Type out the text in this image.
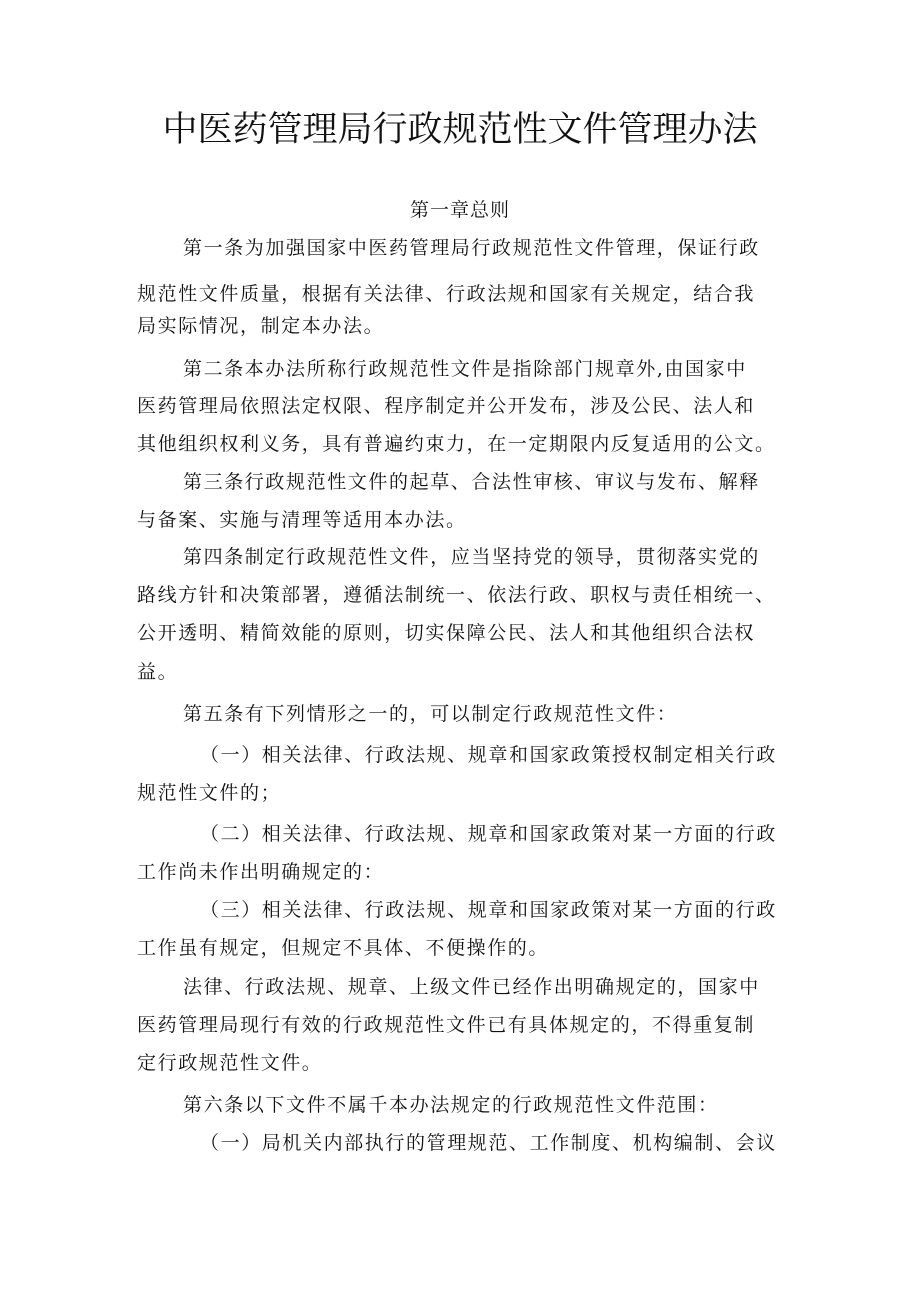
中医药管理局行政规范性文件管理办法
第一章总则
第一条为加强国家中医药管理局行政规范性文件管理，保证行政
规范性文件质量，根据有关法律、行政法规和国家有关规定，结合我
局实际情况，制定本办法。
第二条本办法所称行政规范性文件是指除部门规章外,由国家中
医药管理局依照法定权限、程序制定并公开发布，涉及公民、法人和
其他组织权利义务，具有普遍约束力，在一定期限内反复适用的公文。
第三条行政规范性文件的起草、合法性审核、审议与发布、解释
与备案、实施与清理等适用本办法。
第四条制定行政规范性文件，应当坚持党的领导，贯彻落实党的
路线方针和决策部署，遵循法制统一、依法行政、职权与责任相统一、
公开透明、精简效能的原则，切实保障公民、法人和其他组织合法权
益。
第五条有下列情形之一的，可以制定行政规范性文件：
（一）相关法律、行政法规、规章和国家政策授权制定相关行政
规范性文件的；
（二）相关法律、行政法规、规章和国家政策对某一方面的行政
工作尚未作出明确规定的：
（三）相关法律、行政法规、规章和国家政策对某一方面的行政
工作虽有规定，但规定不具体、不便操作的。
法律、行政法规、规章、上级文件已经作出明确规定的，国家中
医药管理局现行有效的行政规范性文件已有具体规定的，不得重复制
定行政规范性文件。
第六条以下文件不属千本办法规定的行政规范性文件范围：
（一）局机关内部执行的管理规范、工作制度、机构编制、会议
